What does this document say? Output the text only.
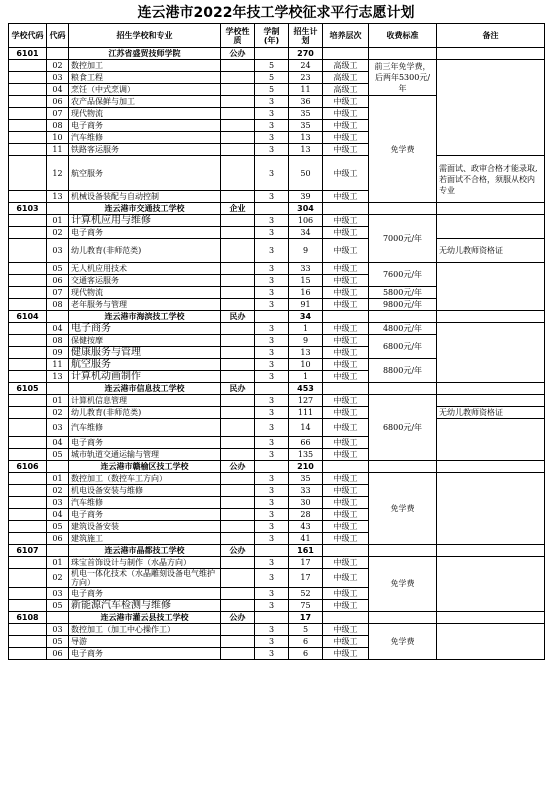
连云港市2022年技工学校征求平行志愿计划
学校代码	代码	招生学校和专业	学校性质	学制(年)	招生计划	培养层次	收费标准	备注
6101		江苏省盛贸技师学院	公办		270			
	02	数控加工		5	24	高级工	前三年免学费，后两年5300元/年	
	03	粮食工程		5	23	高级工		
	04	烹饪（中式烹调）		5	11	高级工		
	06	农产品保鲜与加工		3	36	中级工	免学费	
	07	现代物流		3	35	中级工		
	08	电子商务		3	35	中级工		
	10	汽车维修		3	13	中级工		
	11	铁路客运服务		3	13	中级工		
	12	航空服务		3	50	中级工		需面试、政审合格才能录取,若面试不合格，须服从校内专业
	13	机械设备装配与自动控制		3	39	中级工		
6103		连云港市交通技工学校	企业		304			
	01	计算机应用与维修		3	106	中级工	7000元/年	
	02	电子商务		3	34	中级工		
	03	幼儿教育(非师范类)		3	9	中级工		无幼儿教师资格证
	05	无人机应用技术		3	33	中级工	7600元/年	
	06	交通客运服务		3	15	中级工		
	07	现代物流		3	16	中级工	5800元/年	
	08	老年服务与管理		3	91	中级工	9800元/年	
6104		连云港市海滨技工学校	民办		34			
	04	电子商务		3	1	中级工	4800元/年	
	08	保健按摩		3	9	中级工	6800元/年	
	09	健康服务与管理		3	13	中级工		
	11	航空服务		3	10	中级工	8800元/年	
	13	计算机动画制作		3	1	中级工		
6105		连云港市信息技工学校	民办		453			
	01	计算机信息管理		3	127	中级工	6800元/年	
	02	幼儿教育(非师范类)		3	111	中级工		无幼儿教师资格证
	03	汽车维修		3	14	中级工		
	04	电子商务		3	66	中级工		
	05	城市轨道交通运输与管理		3	135	中级工		
6106		连云港市赣榆区技工学校	公办		210			
	01	数控加工（数控车工方向）		3	35	中级工	免学费	
	02	机电设备安装与维修		3	33	中级工		
	03	汽车维修		3	30	中级工		
	04	电子商务		3	28	中级工		
	05	建筑设备安装		3	43	中级工		
	06	建筑施工		3	41	中级工		
6107		连云港市晶都技工学校	公办		161			
	01	珠宝首饰设计与制作（水晶方向）		3	17	中级工	免学费	
	02	机电一体化技术（水晶雕刻设备电气维护方向）		3	17	中级工		
	03	电子商务		3	52	中级工		
	05	新能源汽车检测与维修		3	75	中级工		
6108		连云港市灌云县技工学校	公办		17			
	03	数控加工（加工中心操作工）		3	5	中级工	免学费	
	05	导游		3	6	中级工		
	06	电子商务		3	6	中级工		
